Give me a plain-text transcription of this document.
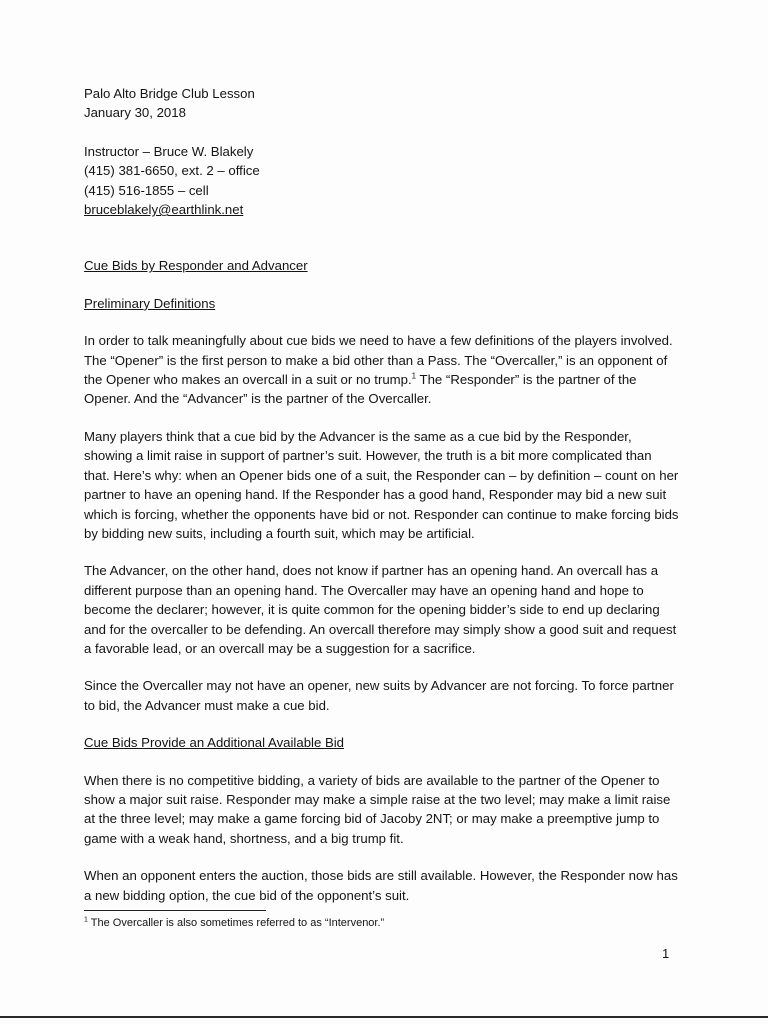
Palo Alto Bridge Club Lesson
January 30, 2018
Instructor – Bruce W. Blakely
(415) 381-6650, ext. 2 – office
(415) 516-1855 – cell
bruceblakely@earthlink.net
Cue Bids by Responder and Advancer
Preliminary Definitions

In order to talk meaningfully about cue bids we need to have a few definitions of the players involved. The “Opener” is the first person to make a bid other than a Pass. The “Overcaller,” is an opponent of the Opener who makes an overcall in a suit or no trump.$^1$ The “Responder” is the partner of the Opener. And the “Advancer” is the partner of the Overcaller.

Many players think that a cue bid by the Advancer is the same as a cue bid by the Responder, showing a limit raise in support of partner’s suit. However, the truth is a bit more complicated than that. Here’s why: when an Opener bids one of a suit, the Responder can – by definition – count on her partner to have an opening hand. If the Responder has a good hand, Responder may bid a new suit which is forcing, whether the opponents have bid or not. Responder can continue to make forcing bids by bidding new suits, including a fourth suit, which may be artificial.

The Advancer, on the other hand, does not know if partner has an opening hand. An overcall has a different purpose than an opening hand. The Overcaller may have an opening hand and hope to become the declarer; however, it is quite common for the opening bidder’s side to end up declaring and for the overcaller to be defending. An overcall therefore may simply show a good suit and request a favorable lead, or an overcall may be a suggestion for a sacrifice.

Since the Overcaller may not have an opener, new suits by Advancer are not forcing. To force partner to bid, the Advancer must make a cue bid.

Cue Bids Provide an Additional Available Bid

When there is no competitive bidding, a variety of bids are available to the partner of the Opener to show a major suit raise. Responder may make a simple raise at the two level; may make a limit raise at the three level; may make a game forcing bid of Jacoby 2NT; or may make a preemptive jump to game with a weak hand, shortness, and a big trump fit.

When an opponent enters the auction, those bids are still available. However, the Responder now has a new bidding option, the cue bid of the opponent’s suit.

$^1$ The Overcaller is also sometimes referred to as “Intervenor.”
1
